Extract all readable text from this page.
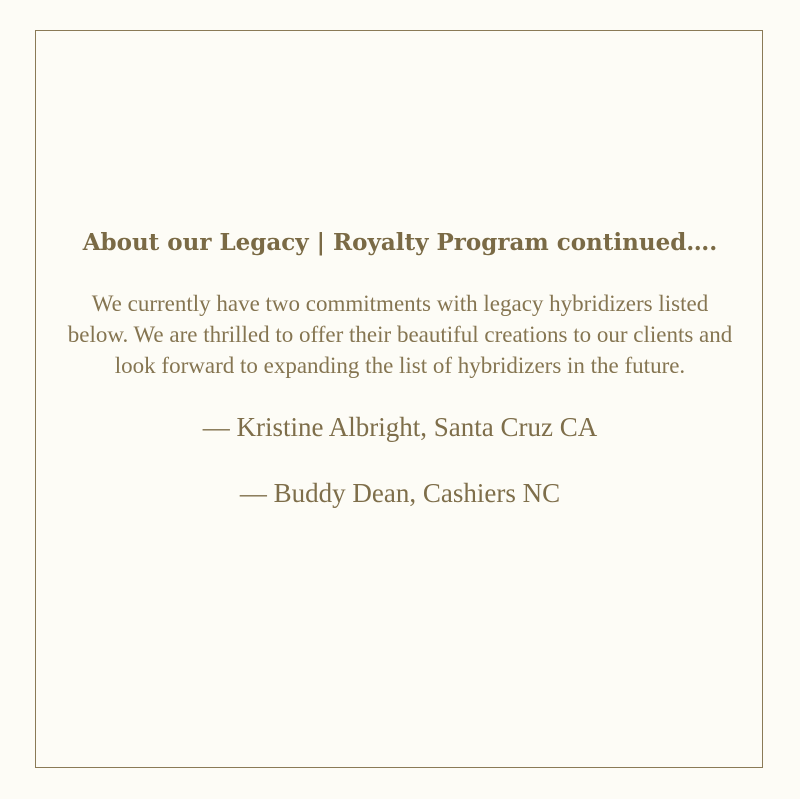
About our Legacy | Royalty Program continued….

We currently have two commitments with legacy hybridizers listed below. We are thrilled to offer their beautiful creations to our clients and look forward to expanding the list of hybridizers in the future.

— Kristine Albright, Santa Cruz CA

— Buddy Dean, Cashiers NC
